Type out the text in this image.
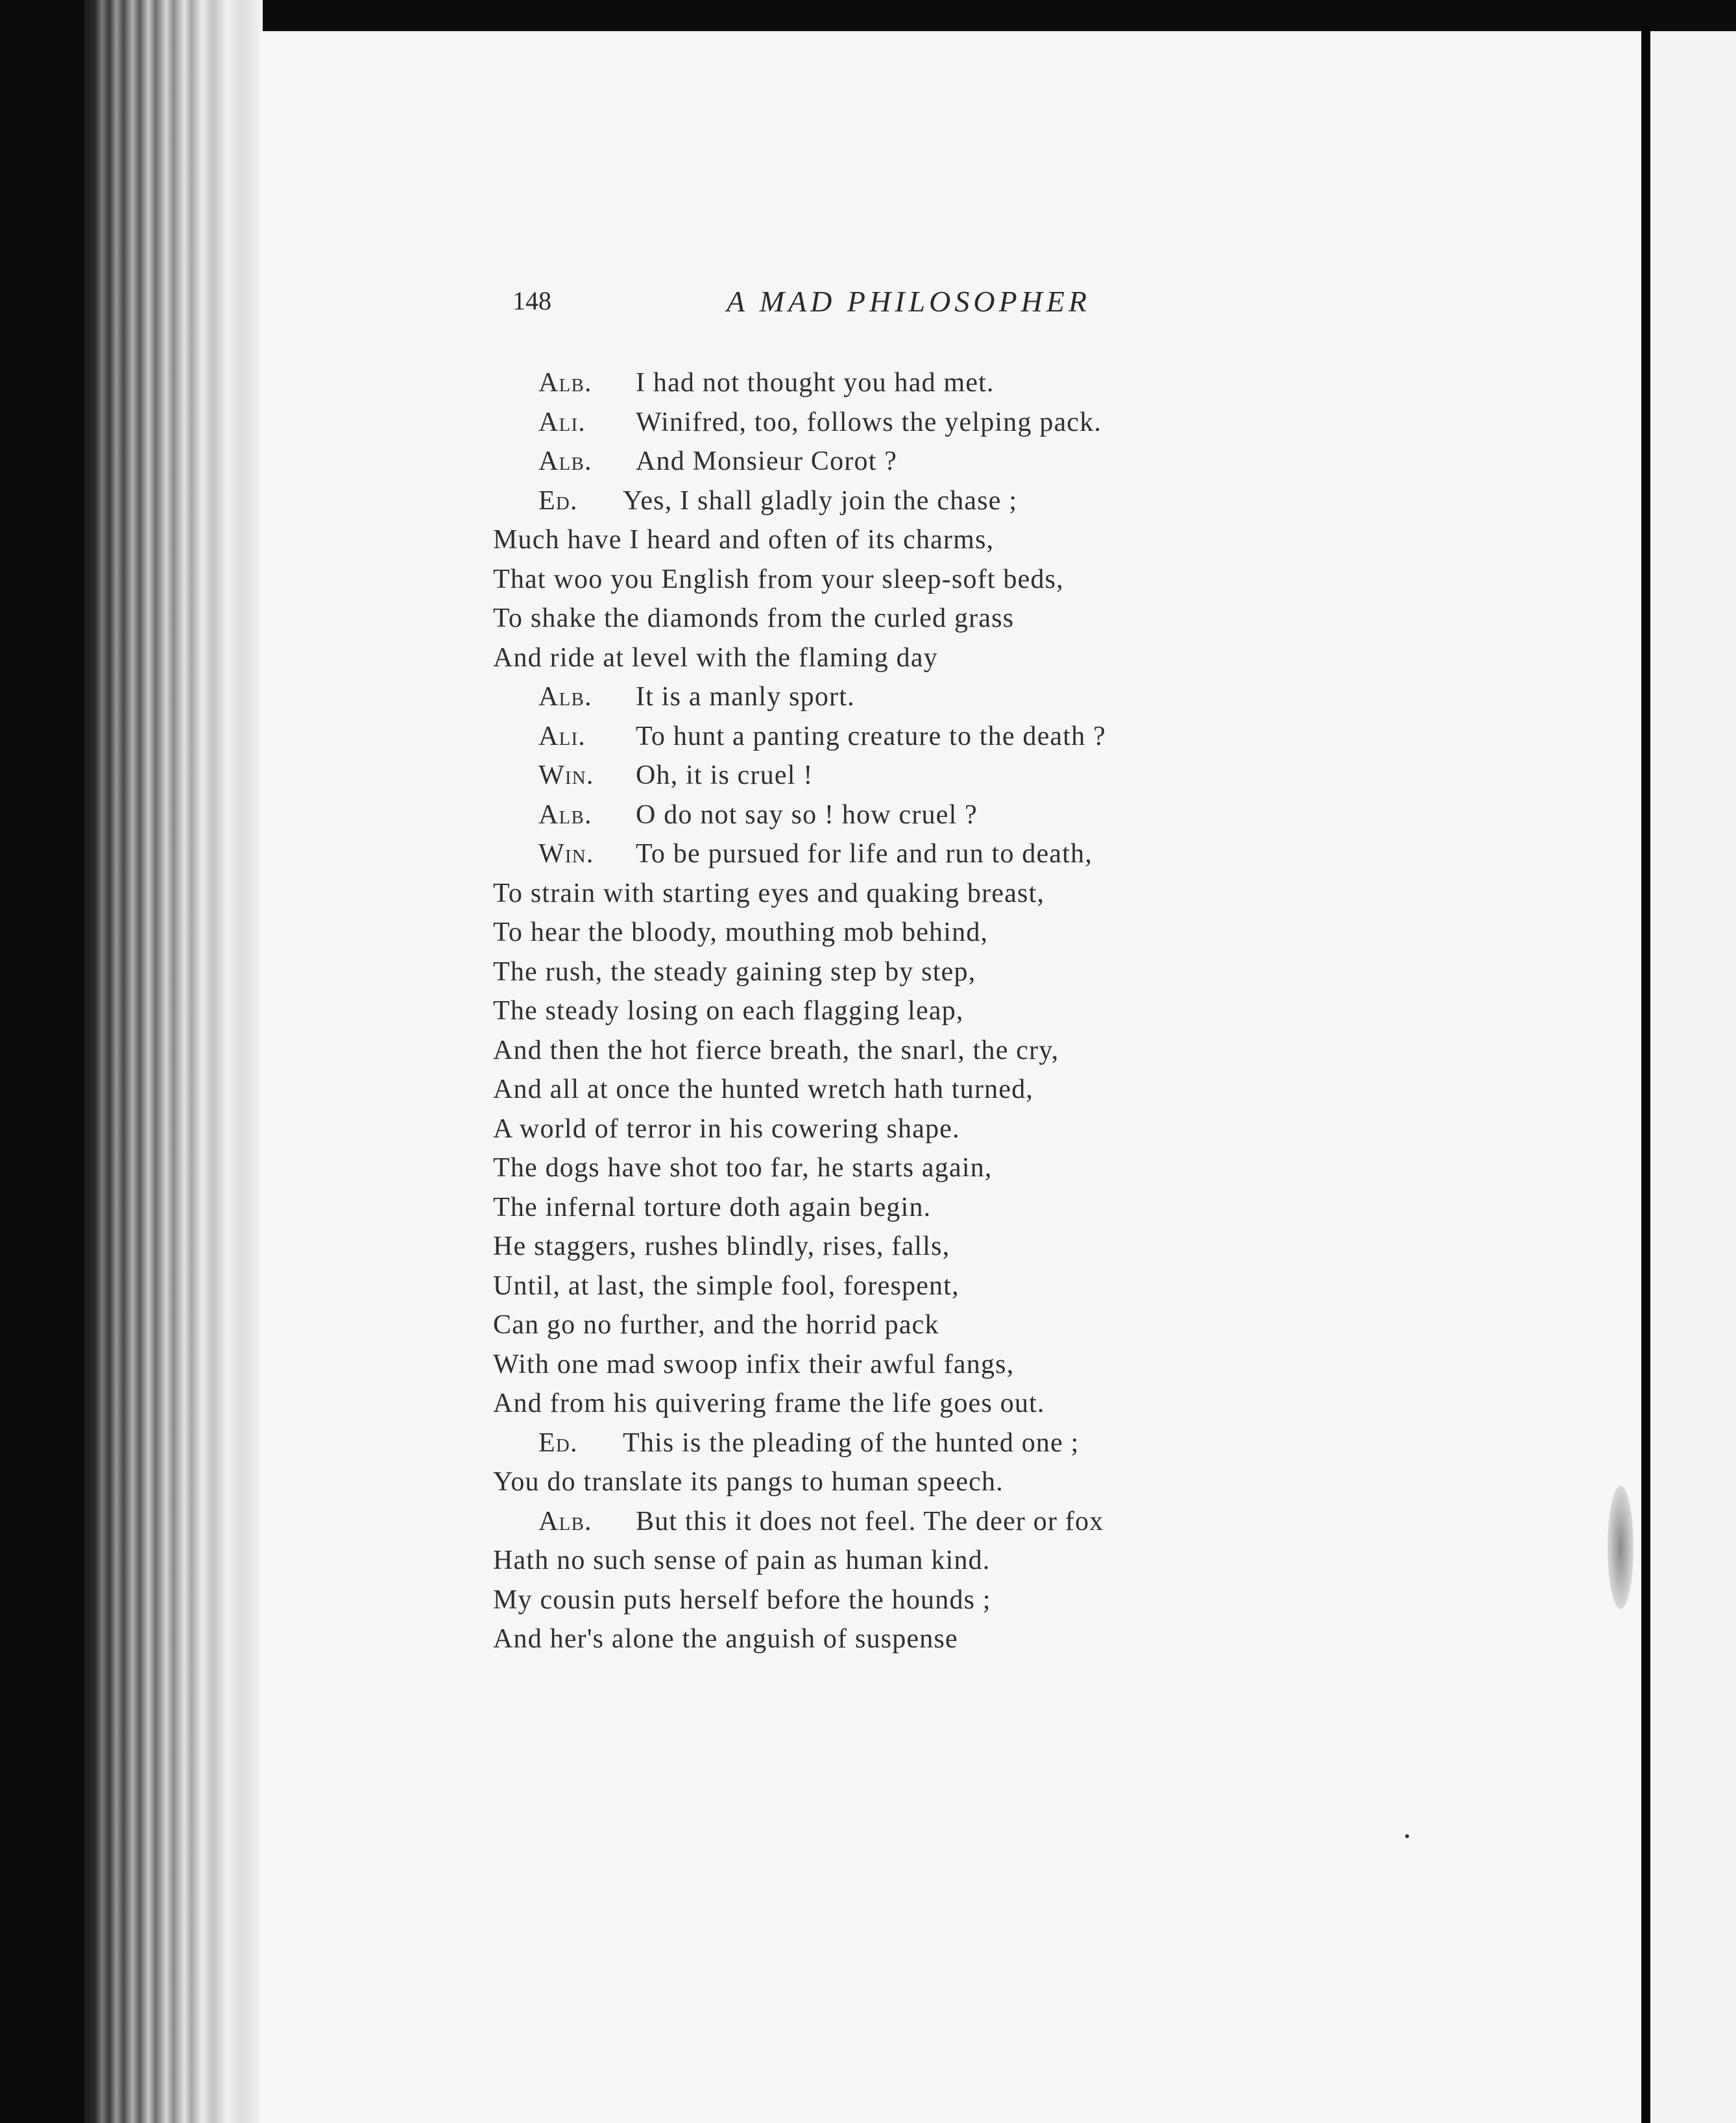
148	A MAD PHILOSOPHER
Alb. I had not thought you had met.
Ali. Winifred, too, follows the yelping pack.
Alb. And Monsieur Corot ?
Ed. Yes, I shall gladly join the chase ;
Much have I heard and often of its charms,
That woo you English from your sleep-soft beds,
To shake the diamonds from the curled grass
And ride at level with the flaming day
Alb. It is a manly sport.
Ali. To hunt a panting creature to the death ?
Win. Oh, it is cruel !
Alb. O do not say so ! how cruel ?
Win. To be pursued for life and run to death,
To strain with starting eyes and quaking breast,
To hear the bloody, mouthing mob behind,
The rush, the steady gaining step by step,
The steady losing on each flagging leap,
And then the hot fierce breath, the snarl, the cry,
And all at once the hunted wretch hath turned,
A world of terror in his cowering shape.
The dogs have shot too far, he starts again,
The infernal torture doth again begin.
He staggers, rushes blindly, rises, falls,
Until, at last, the simple fool, forespent,
Can go no further, and the horrid pack
With one mad swoop infix their awful fangs,
And from his quivering frame the life goes out.
Ed. This is the pleading of the hunted one ;
You do translate its pangs to human speech.
Alb. But this it does not feel. The deer or fox
Hath no such sense of pain as human kind.
My cousin puts herself before the hounds ;
And her's alone the anguish of suspense
